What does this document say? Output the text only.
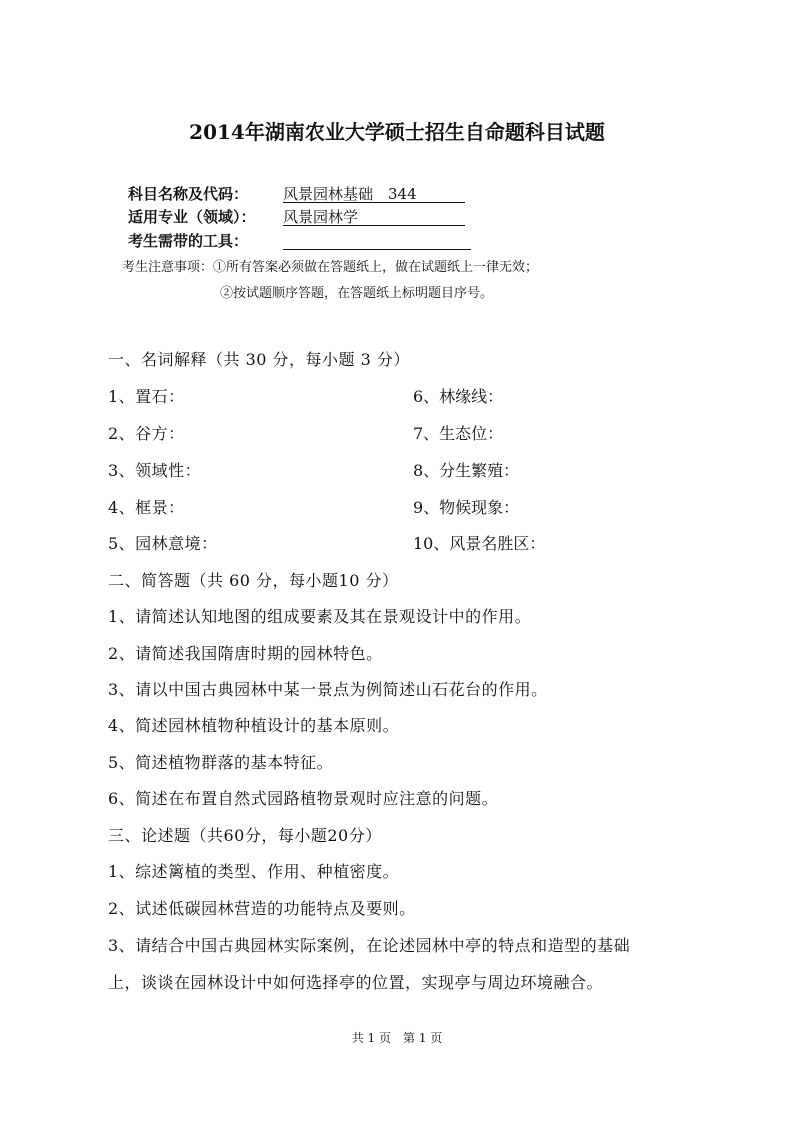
2014年湖南农业大学硕士招生自命题科目试题
科目名称及代码： 风景园林基础　344
适用专业（领域）： 风景园林学
考生需带的工具：
考生注意事项：①所有答案必须做在答题纸上，做在试题纸上一律无效；
②按试题顺序答题，在答题纸上标明题目序号。
一、名词解释（共 30 分，每小题 3 分）
1、置石：
2、谷方：
3、领域性：
4、框景：
5、园林意境：
6、林缘线：
7、生态位：
8、分生繁殖：
9、物候现象：
10、风景名胜区：
二、简答题（共 60 分，每小题10 分）
1、请简述认知地图的组成要素及其在景观设计中的作用。
2、请简述我国隋唐时期的园林特色。
3、请以中国古典园林中某一景点为例简述山石花台的作用。
4、简述园林植物种植设计的基本原则。
5、简述植物群落的基本特征。
6、简述在布置自然式园路植物景观时应注意的问题。
三、论述题（共60分，每小题20分）
1、综述篱植的类型、作用、种植密度。
2、试述低碳园林营造的功能特点及要则。
3、请结合中国古典园林实际案例，在论述园林中亭的特点和造型的基础
上，谈谈在园林设计中如何选择亭的位置，实现亭与周边环境融合。
共 1 页　第 1 页
